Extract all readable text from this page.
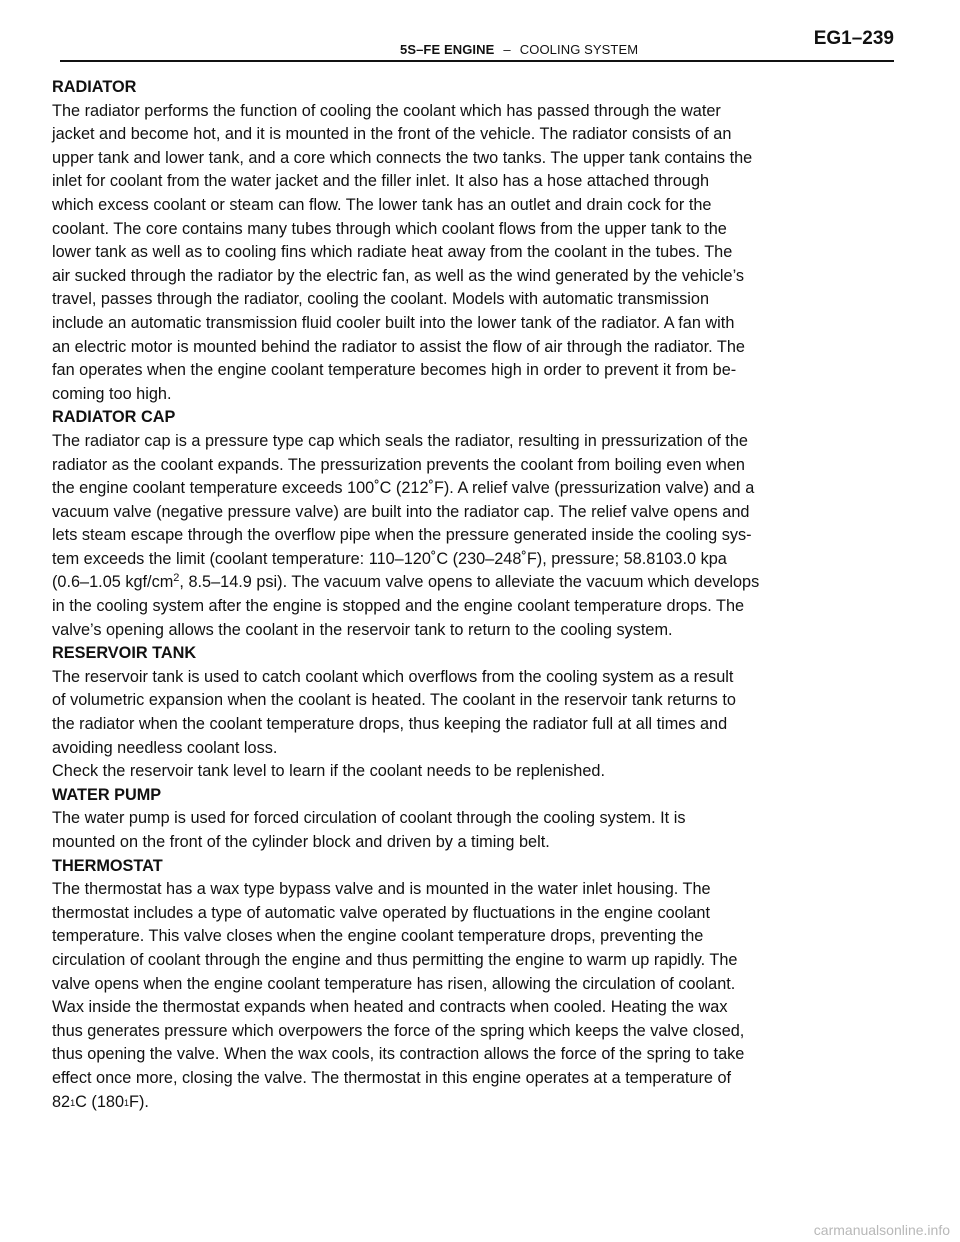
5S–FE ENGINE – COOLING SYSTEM
EG1–239

RADIATOR

The radiator performs the function of cooling the coolant which has passed through the water
jacket and become hot, and it is mounted in the front of the vehicle. The radiator consists of an
upper tank and lower tank, and a core which connects the two tanks. The upper tank contains the
inlet for coolant from the water jacket and the filler inlet. It also has a hose attached through
which excess coolant or steam can flow. The lower tank has an outlet and drain cock for the
coolant. The core contains many tubes through which coolant flows from the upper tank to the
lower tank as well as to cooling fins which radiate heat away from the coolant in the tubes. The
air sucked through the radiator by the electric fan, as well as the wind generated by the vehicle’s
travel, passes through the radiator, cooling the coolant. Models with automatic transmission
include an automatic transmission fluid cooler built into the lower tank of the radiator. A fan with
an electric motor is mounted behind the radiator to assist the flow of air through the radiator. The
fan operates when the engine coolant temperature becomes high in order to prevent it from be-
coming too high.

RADIATOR CAP

The radiator cap is a pressure type cap which seals the radiator, resulting in pressurization of the
radiator as the coolant expands. The pressurization prevents the coolant from boiling even when
the engine coolant temperature exceeds 100˚C (212˚F). A relief valve (pressurization valve) and a
vacuum valve (negative pressure valve) are built into the radiator cap. The relief valve opens and
lets steam escape through the overflow pipe when the pressure generated inside the cooling sys-
tem exceeds the limit (coolant temperature: 110–120˚C (230–248˚F), pressure; 58.8103.0 kpa
(0.6–1.05 kgf/$cm^2$, 8.5–14.9 psi). The vacuum valve opens to alleviate the vacuum which develops
in the cooling system after the engine is stopped and the engine coolant temperature drops. The
valve’s opening allows the coolant in the reservoir tank to return to the cooling system.

RESERVOIR TANK

The reservoir tank is used to catch coolant which overflows from the cooling system as a result
of volumetric expansion when the coolant is heated. The coolant in the reservoir tank returns to
the radiator when the coolant temperature drops, thus keeping the radiator full at all times and
avoiding needless coolant loss.
Check the reservoir tank level to learn if the coolant needs to be replenished.

WATER PUMP

The water pump is used for forced circulation of coolant through the cooling system. It is
mounted on the front of the cylinder block and driven by a timing belt.

THERMOSTAT

The thermostat has a wax type bypass valve and is mounted in the water inlet housing. The
thermostat includes a type of automatic valve operated by fluctuations in the engine coolant
temperature. This valve closes when the engine coolant temperature drops, preventing the
circulation of coolant through the engine and thus permitting the engine to warm up rapidly. The
valve opens when the engine coolant temperature has risen, allowing the circulation of coolant.
Wax inside the thermostat expands when heated and contracts when cooled. Heating the wax
thus generates pressure which overpowers the force of the spring which keeps the valve closed,
thus opening the valve. When the wax cools, its contraction allows the force of the spring to take
effect once more, closing the valve. The thermostat in this engine operates at a temperature of
821C (1801F).
carmanualsonline.info
